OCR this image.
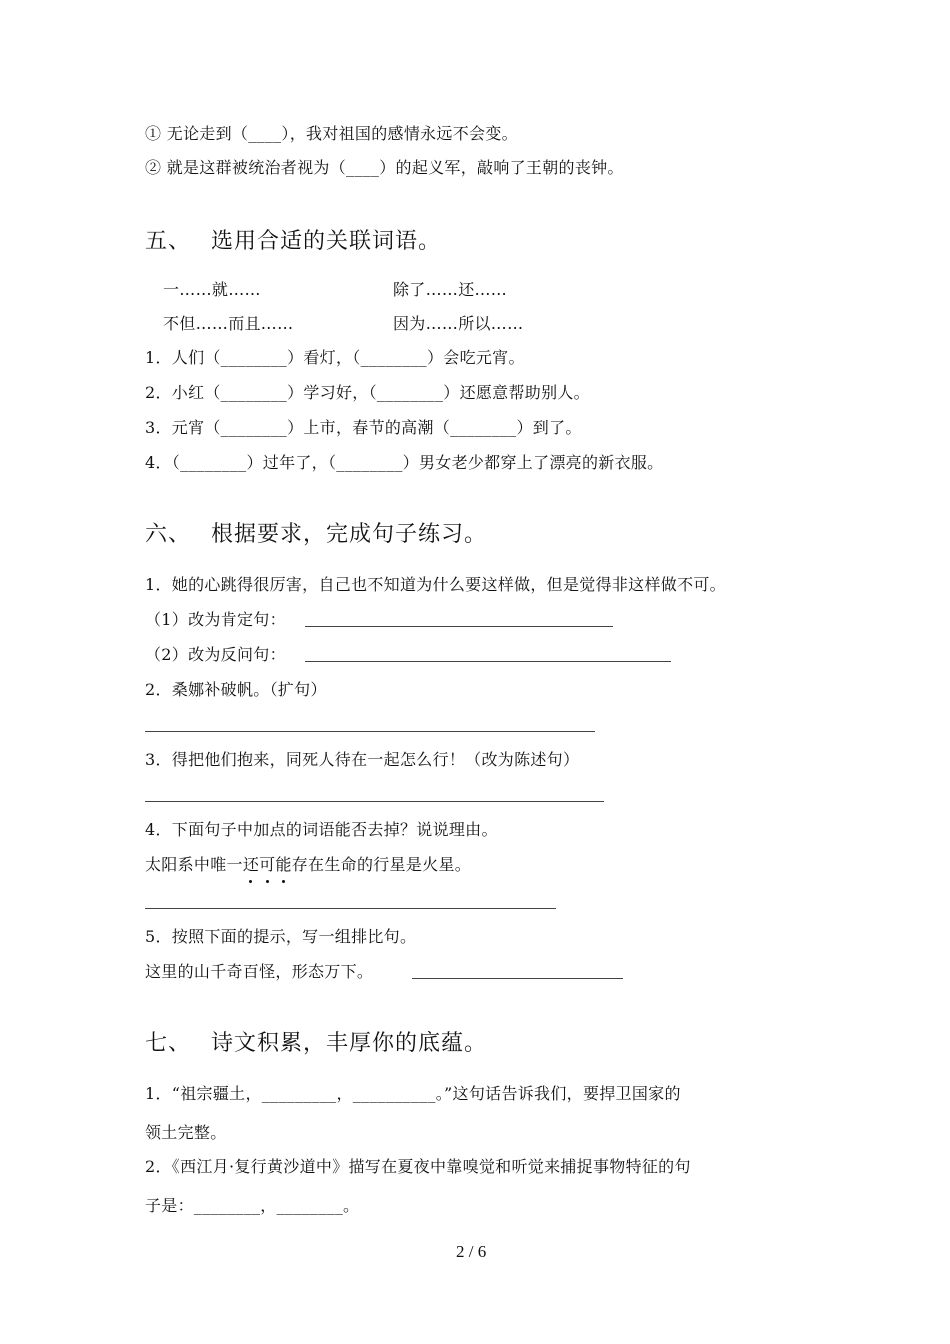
① 无论走到（____），我对祖国的感情永远不会变。
② 就是这群被统治者视为（____）的起义军，敲响了王朝的丧钟。
五、 选用合适的关联词语。
一……就……	除了……还……
不但……而且……	因为……所以……
1．人们（________）看灯，（________）会吃元宵。
2．小红（________）学习好，（________）还愿意帮助别人。
3．元宵（________）上市，春节的高潮（________）到了。
4．（________）过年了，（________）男女老少都穿上了漂亮的新衣服。
六、 根据要求，完成句子练习。
1．她的心跳得很厉害，自己也不知道为什么要这样做，但是觉得非这样做不可。
（1）改为肯定句：
（2）改为反问句：
2．桑娜补破帆。（扩句）
3．得把他们抱来，同死人待在一起怎么行！（改为陈述句）
4．下面句子中加点的词语能否去掉？说说理由。
太阳系中唯一还可能存在生命的行星是火星。
5．按照下面的提示，写一组排比句。
这里的山千奇百怪，形态万下。
七、 诗文积累，丰厚你的底蕴。
1．“祖宗疆土，_________，__________。”这句话告诉我们，要捍卫国家的
领土完整。
2．《西江月·复行黄沙道中》描写在夏夜中靠嗅觉和听觉来捕捉事物特征的句
子是：________，________。
2 / 6
